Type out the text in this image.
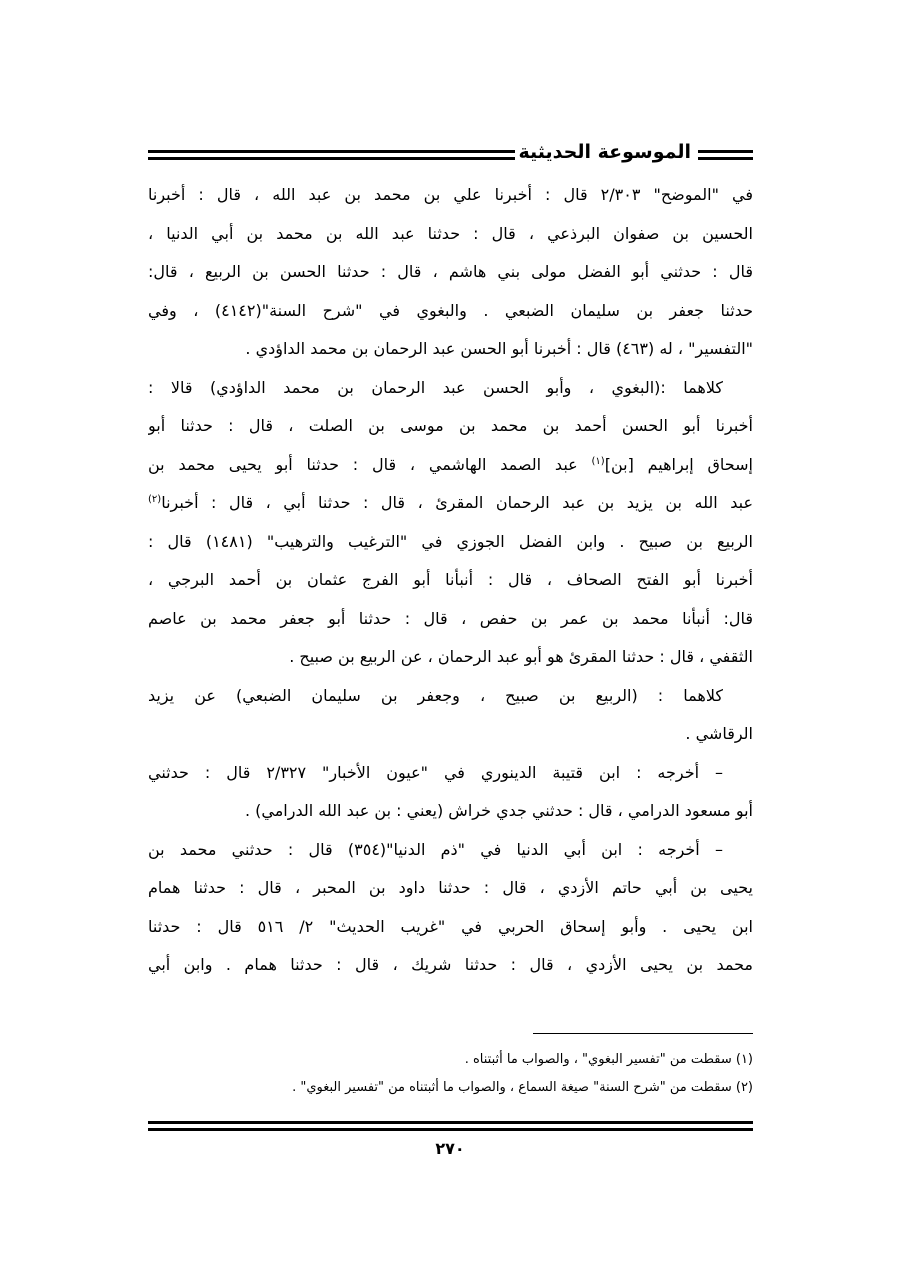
الموسوعة الحديثية
في "الموضح" ٢/٣٠٣ قال : أخبرنا علي بن محمد بن عبد الله ، قال : أخبرنا
الحسين بن صفوان البرذعي ، قال : حدثنا عبد الله بن محمد بن أبي الدنيا ،
قال : حدثني أبو الفضل مولى بني هاشم ، قال : حدثنا الحسن بن الربيع ، قال:
حدثنا جعفر بن سليمان الضبعي . والبغوي في "شرح السنة"(٤١٤٢) ، وفي
"التفسير" ، له (٤٦٣) قال : أخبرنا أبو الحسن عبد الرحمان بن محمد الداؤدي .
كلاهما :(البغوي ، وأبو الحسن عبد الرحمان بن محمد الداؤدي) قالا :
أخبرنا أبو الحسن أحمد بن محمد بن موسى بن الصلت ، قال : حدثنا أبو
إسحاق إبراهيم [بن]$^{(١)}$ عبد الصمد الهاشمي ، قال : حدثنا أبو يحيى محمد بن
عبد الله بن يزيد بن عبد الرحمان المقرئ ، قال : حدثنا أبي ، قال : أخبرنا$^{(٢)}$
الربيع بن صبيح . وابن الفضل الجوزي في "الترغيب والترهيب" (١٤٨١) قال :
أخبرنا أبو الفتح الصحاف ، قال : أنبأنا أبو الفرج عثمان بن أحمد البرجي ،
قال: أنبأنا محمد بن عمر بن حفص ، قال : حدثنا أبو جعفر محمد بن عاصم
الثقفي ، قال : حدثنا المقرئ هو أبو عبد الرحمان ، عن الربيع بن صبيح .
كلاهما : (الربيع بن صبيح ، وجعفر بن سليمان الضبعي) عن يزيد
الرقاشي .
– أخرجه : ابن قتيبة الدينوري في "عيون الأخبار" ٢/٣٢٧ قال : حدثني
أبو مسعود الدرامي ، قال : حدثني جدي خراش (يعني : بن عبد الله الدرامي) .
– أخرجه : ابن أبي الدنيا في "ذم الدنيا"(٣٥٤) قال : حدثني محمد بن
يحيى بن أبي حاتم الأزدي ، قال : حدثنا داود بن المحبر ، قال : حدثنا همام
ابن يحيى . وأبو إسحاق الحربي في "غريب الحديث" ٢/ ٥١٦ قال : حدثنا
محمد بن يحيى الأزدي ، قال : حدثنا شريك ، قال : حدثنا همام . وابن أبي
(١) سقطت من "تفسير البغوي" ، والصواب ما أثبتناه .
(٢) سقطت من "شرح السنة" صيغة السماع ، والصواب ما أثبتناه من "تفسير البغوي" .
٢٧٠
